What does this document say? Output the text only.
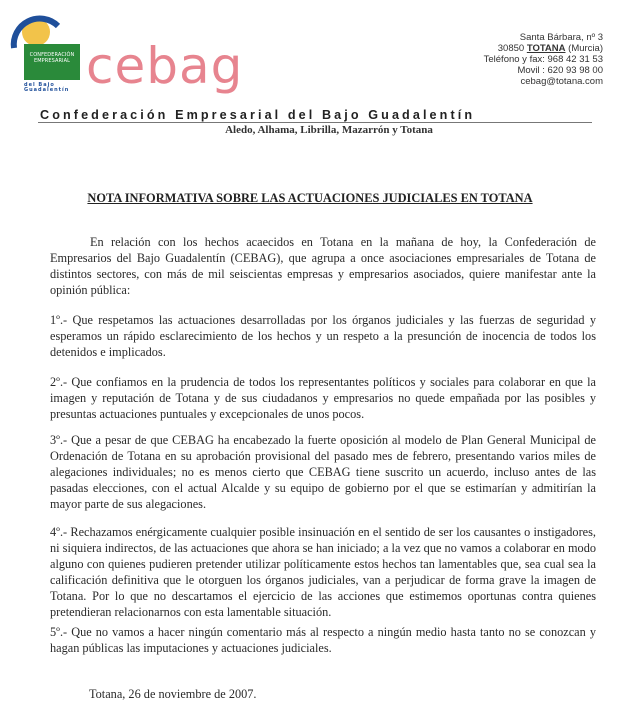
CONFEDERACIÓN EMPRESARIAL
del Bajo Guadalentín cebag	Santa Bárbara, nº 3
30850 TOTANA (Murcia)
Teléfono y fax: 968 42 31 53
Movil : 620 93 98 00
cebag@totana.com
Confederación Empresarial del Bajo Guadalentín
Aledo, Alhama, Librilla, Mazarrón y Totana
NOTA INFORMATIVA SOBRE LAS ACTUACIONES JUDICIALES EN TOTANA
En relación con los hechos acaecidos en Totana en la mañana de hoy, la Confederación de Empresarios del Bajo Guadalentín (CEBAG), que agrupa a once asociaciones empresariales de Totana de distintos sectores, con más de mil seiscientas empresas y empresarios asociados, quiere manifestar ante la opinión pública:
1º.- Que respetamos las actuaciones desarrolladas por los órganos judiciales y las fuerzas de seguridad y esperamos un rápido esclarecimiento de los hechos y un respeto a la presunción de inocencia de todos los detenidos e implicados.
2º.- Que confiamos en la prudencia de todos los representantes políticos y sociales para colaborar en que la imagen y reputación de Totana y de sus ciudadanos y empresarios no quede empañada por las posibles y presuntas actuaciones puntuales y excepcionales de unos pocos.
3º.- Que a pesar de que CEBAG ha encabezado la fuerte oposición al modelo de Plan General Municipal de Ordenación de Totana en su aprobación provisional del pasado mes de febrero, presentando varios miles de alegaciones individuales; no es menos cierto que CEBAG tiene suscrito un acuerdo, incluso antes de las pasadas elecciones, con el actual Alcalde y su equipo de gobierno por el que se estimarían y admitirían la mayor parte de sus alegaciones.
4º.- Rechazamos enérgicamente cualquier posible insinuación en el sentido de ser los causantes o instigadores, ni siquiera indirectos, de las actuaciones que ahora se han iniciado; a la vez que no vamos a colaborar en modo alguno con quienes pudieren pretender utilizar políticamente estos hechos tan lamentables que, sea cual sea la calificación definitiva que le otorguen los órganos judiciales, van a perjudicar de forma grave la imagen de Totana. Por lo que no descartamos el ejercicio de las acciones que estimemos oportunas contra quienes pretendieran relacionarnos con esta lamentable situación.
5º.- Que no vamos a hacer ningún comentario más al respecto a ningún medio hasta tanto no se conozcan y hagan públicas las imputaciones y actuaciones judiciales.
Totana, 26 de noviembre de 2007.
